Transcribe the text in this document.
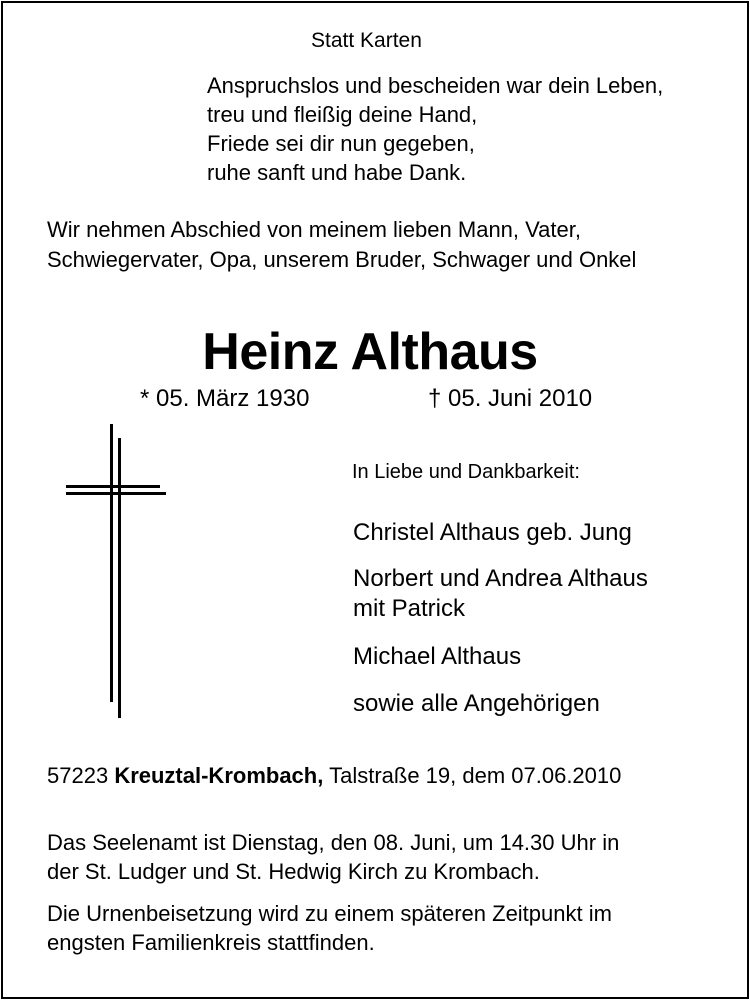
Statt Karten

Anspruchslos und bescheiden war dein Leben,
treu und fleißig deine Hand,
Friede sei dir nun gegeben,
ruhe sanft und habe Dank.
Wir nehmen Abschied von meinem lieben Mann, Vater,
Schwiegervater, Opa, unserem Bruder, Schwager und Onkel

Heinz Althaus

* 05. März 1930	† 05. Juni 2010

In Liebe und Dankbarkeit:

Christel Althaus geb. Jung

Norbert und Andrea Althaus
mit Patrick

Michael Althaus

sowie alle Angehörigen

57223 Kreuztal-Krombach, Talstraße 19, dem 07.06.2010

Das Seelenamt ist Dienstag, den 08. Juni, um 14.30 Uhr in
der St. Ludger und St. Hedwig Kirch zu Krombach.
Die Urnenbeisetzung wird zu einem späteren Zeitpunkt im
engsten Familienkreis stattfinden.
